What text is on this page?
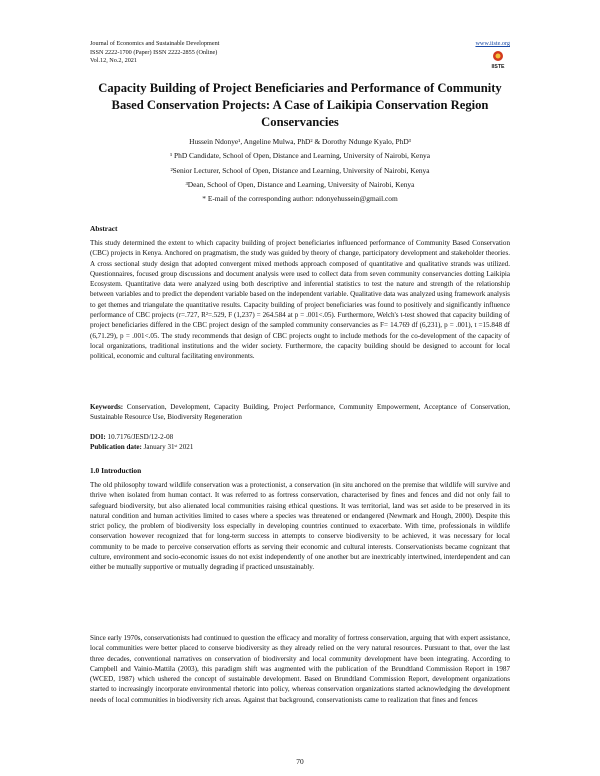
Journal of Economics and Sustainable Development
ISSN 2222-1700 (Paper) ISSN 2222-2855 (Online)
Vol.12, No.2, 2021
www.iiste.org
IISTE
Capacity Building of Project Beneficiaries and Performance of Community Based Conservation Projects: A Case of Laikipia Conservation Region Conservancies
Hussein Ndonye¹, Angeline Mulwa, PhD² & Dorothy Ndunge Kyalo, PhD³
¹ PhD Candidate, School of Open, Distance and Learning, University of Nairobi, Kenya
²Senior Lecturer, School of Open, Distance and Learning, University of Nairobi, Kenya
³Dean, School of Open, Distance and Learning, University of Nairobi, Kenya
* E-mail of the corresponding author: ndonyehussein@gmail.com
Abstract
This study determined the extent to which capacity building of project beneficiaries influenced performance of Community Based Conservation (CBC) projects in Kenya. Anchored on pragmatism, the study was guided by theory of change, participatory development and stakeholder theories. A cross sectional study design that adopted convergent mixed methods approach composed of quantitative and qualitative strands was utilized. Questionnaires, focused group discussions and document analysis were used to collect data from seven community conservancies dotting Laikipia Ecosystem. Quantitative data were analyzed using both descriptive and inferential statistics to test the nature and strength of the relationship between variables and to predict the dependent variable based on the independent variable. Qualitative data was analyzed using framework analysis to get themes and triangulate the quantitative results. Capacity building of project beneficiaries was found to positively and significantly influence performance of CBC projects (r=.727, R²=.529, F (1,237) = 264.584 at p = .001<.05). Furthermore, Welch's t-test showed that capacity building of project beneficiaries differed in the CBC project design of the sampled community conservancies as F= 14.769 df (6,231), p = .001), t =15.848 df (6,71.29), p = .001<.05. The study recommends that design of CBC projects ought to include methods for the co-development of the capacity of local organizations, traditional institutions and the wider society. Furthermore, the capacity building should be designed to account for local political, economic and cultural facilitating environments.
Keywords: Conservation, Development, Capacity Building, Project Performance, Community Empowerment, Acceptance of Conservation, Sustainable Resource Use, Biodiversity Regeneration
DOI: 10.7176/JESD/12-2-08
Publication date: January 31ˢᵗ 2021
1.0 Introduction
The old philosophy toward wildlife conservation was a protectionist, a conservation (in situ anchored on the premise that wildlife will survive and thrive when isolated from human contact. It was referred to as fortress conservation, characterised by fines and fences and did not only fail to safeguard biodiversity, but also alienated local communities raising ethical questions. It was territorial, land was set aside to be preserved in its natural condition and human activities limited to cases where a species was threatened or endangered (Newmark and Hough, 2000). Despite this strict policy, the problem of biodiversity loss especially in developing countries continued to exacerbate. With time, professionals in wildlife conservation however recognized that for long-term success in attempts to conserve biodiversity to be achieved, it was necessary for local community to be made to perceive conservation efforts as serving their economic and cultural interests. Conservationists became cognizant that culture, environment and socio-economic issues do not exist independently of one another but are inextricably intertwined, interdependent and can either be mutually supportive or mutually degrading if practiced unsustainably.
Since early 1970s, conservationists had continued to question the efficacy and morality of fortress conservation, arguing that with expert assistance, local communities were better placed to conserve biodiversity as they already relied on the very natural resources. Pursuant to that, over the last three decades, conventional narratives on conservation of biodiversity and local community development have been integrating. According to Campbell and Vainio-Mattila (2003), this paradigm shift was augmented with the publication of the Brundtland Commission Report in 1987 (WCED, 1987) which ushered the concept of sustainable development. Based on Brundtland Commission Report, development organizations started to increasingly incorporate environmental rhetoric into policy, whereas conservation organizations started acknowledging the development needs of local communities in biodiversity rich areas. Against that background, conservationists came to realization that fines and fences
70
